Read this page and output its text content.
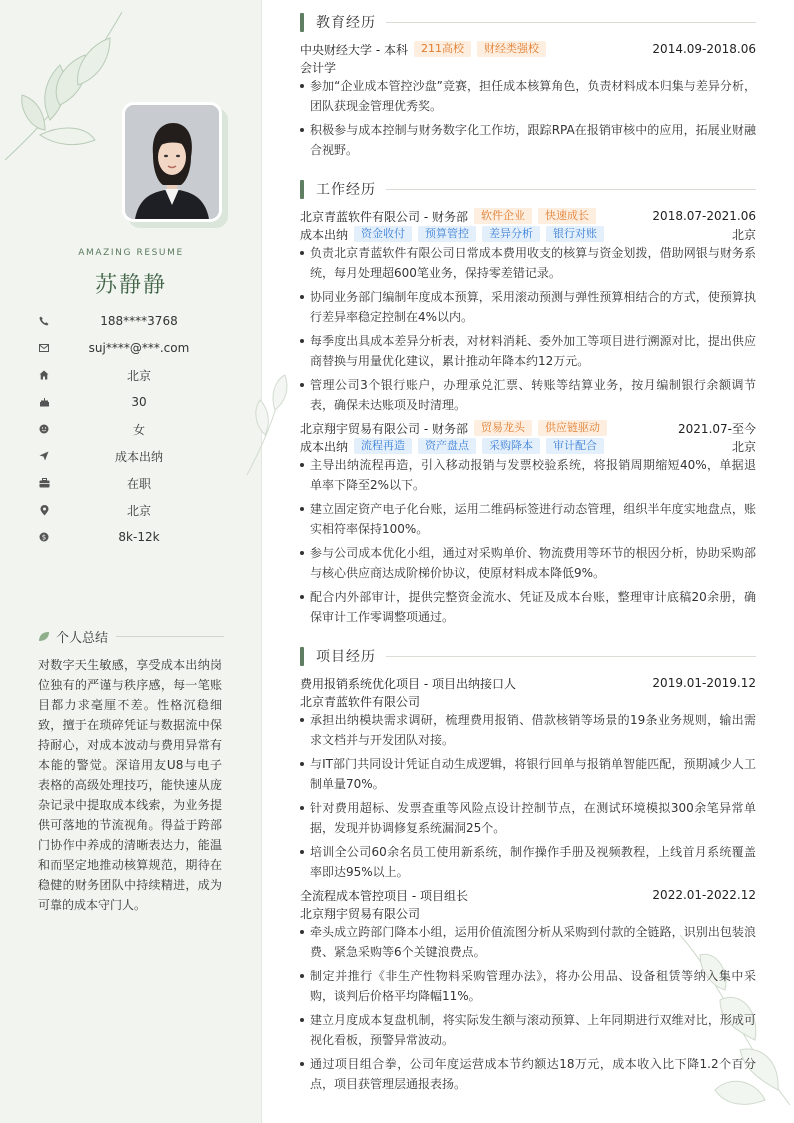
AMAZING RESUME
苏静静
188****3768
suj****@***.com
北京
30
女
成本出纳
在职
北京
$	8k-12k
个人总结
对数字天生敏感，享受成本出纳岗位独有的严谨与秩序感，每一笔账目都力求毫厘不差。性格沉稳细致，擅于在琐碎凭证与数据流中保持耐心，对成本波动与费用异常有本能的警觉。深谙用友U8与电子表格的高级处理技巧，能快速从庞杂记录中提取成本线索，为业务提供可落地的节流视角。得益于跨部门协作中养成的清晰表达力，能温和而坚定地推动核算规范，期待在稳健的财务团队中持续精进，成为可靠的成本守门人。
教育经历
中央财经大学 - 本科	211高校	财经类强校	2014.09-2018.06
会计学
参加“企业成本管控沙盘”竞赛，担任成本核算角色，负责材料成本归集与差异分析，团队获现金管理优秀奖。
积极参与成本控制与财务数字化工作坊，跟踪RPA在报销审核中的应用，拓展业财融合视野。
工作经历
北京青蓝软件有限公司 - 财务部	软件企业	快速成长	2018.07-2021.06
成本出纳	资金收付	预算管控	差异分析	银行对账	北京
负责北京青蓝软件有限公司日常成本费用收支的核算与资金划拨，借助网银与财务系统，每月处理超600笔业务，保持零差错记录。
协同业务部门编制年度成本预算，采用滚动预测与弹性预算相结合的方式，使预算执行差异率稳定控制在4%以内。
每季度出具成本差异分析表，对材料消耗、委外加工等项目进行溯源对比，提出供应商替换与用量优化建议，累计推动年降本约12万元。
管理公司3个银行账户，办理承兑汇票、转账等结算业务，按月编制银行余额调节表，确保未达账项及时清理。
北京翔宇贸易有限公司 - 财务部	贸易龙头	供应链驱动	2021.07-至今
成本出纳	流程再造	资产盘点	采购降本	审计配合	北京
主导出纳流程再造，引入移动报销与发票校验系统，将报销周期缩短40%，单据退单率下降至2%以下。
建立固定资产电子化台账，运用二维码标签进行动态管理，组织半年度实地盘点，账实相符率保持100%。
参与公司成本优化小组，通过对采购单价、物流费用等环节的根因分析，协助采购部与核心供应商达成阶梯价协议，使原材料成本降低9%。
配合内外部审计，提供完整资金流水、凭证及成本台账，整理审计底稿20余册，确保审计工作零调整项通过。
项目经历
费用报销系统优化项目 - 项目出纳接口人	2019.01-2019.12
北京青蓝软件有限公司
承担出纳模块需求调研，梳理费用报销、借款核销等场景的19条业务规则，输出需求文档并与开发团队对接。
与IT部门共同设计凭证自动生成逻辑，将银行回单与报销单智能匹配，预期减少人工制单量70%。
针对费用超标、发票查重等风险点设计控制节点，在测试环境模拟300余笔异常单据，发现并协调修复系统漏洞25个。
培训全公司60余名员工使用新系统，制作操作手册及视频教程，上线首月系统覆盖率即达95%以上。
全流程成本管控项目 - 项目组长	2022.01-2022.12
北京翔宇贸易有限公司
牵头成立跨部门降本小组，运用价值流图分析从采购到付款的全链路，识别出包装浪费、紧急采购等6个关键浪费点。
制定并推行《非生产性物料采购管理办法》，将办公用品、设备租赁等纳入集中采购，谈判后价格平均降幅11%。
建立月度成本复盘机制，将实际发生额与滚动预算、上年同期进行双维对比，形成可视化看板，预警异常波动。
通过项目组合拳，公司年度运营成本节约额达18万元，成本收入比下降1.2个百分点，项目获管理层通报表扬。
